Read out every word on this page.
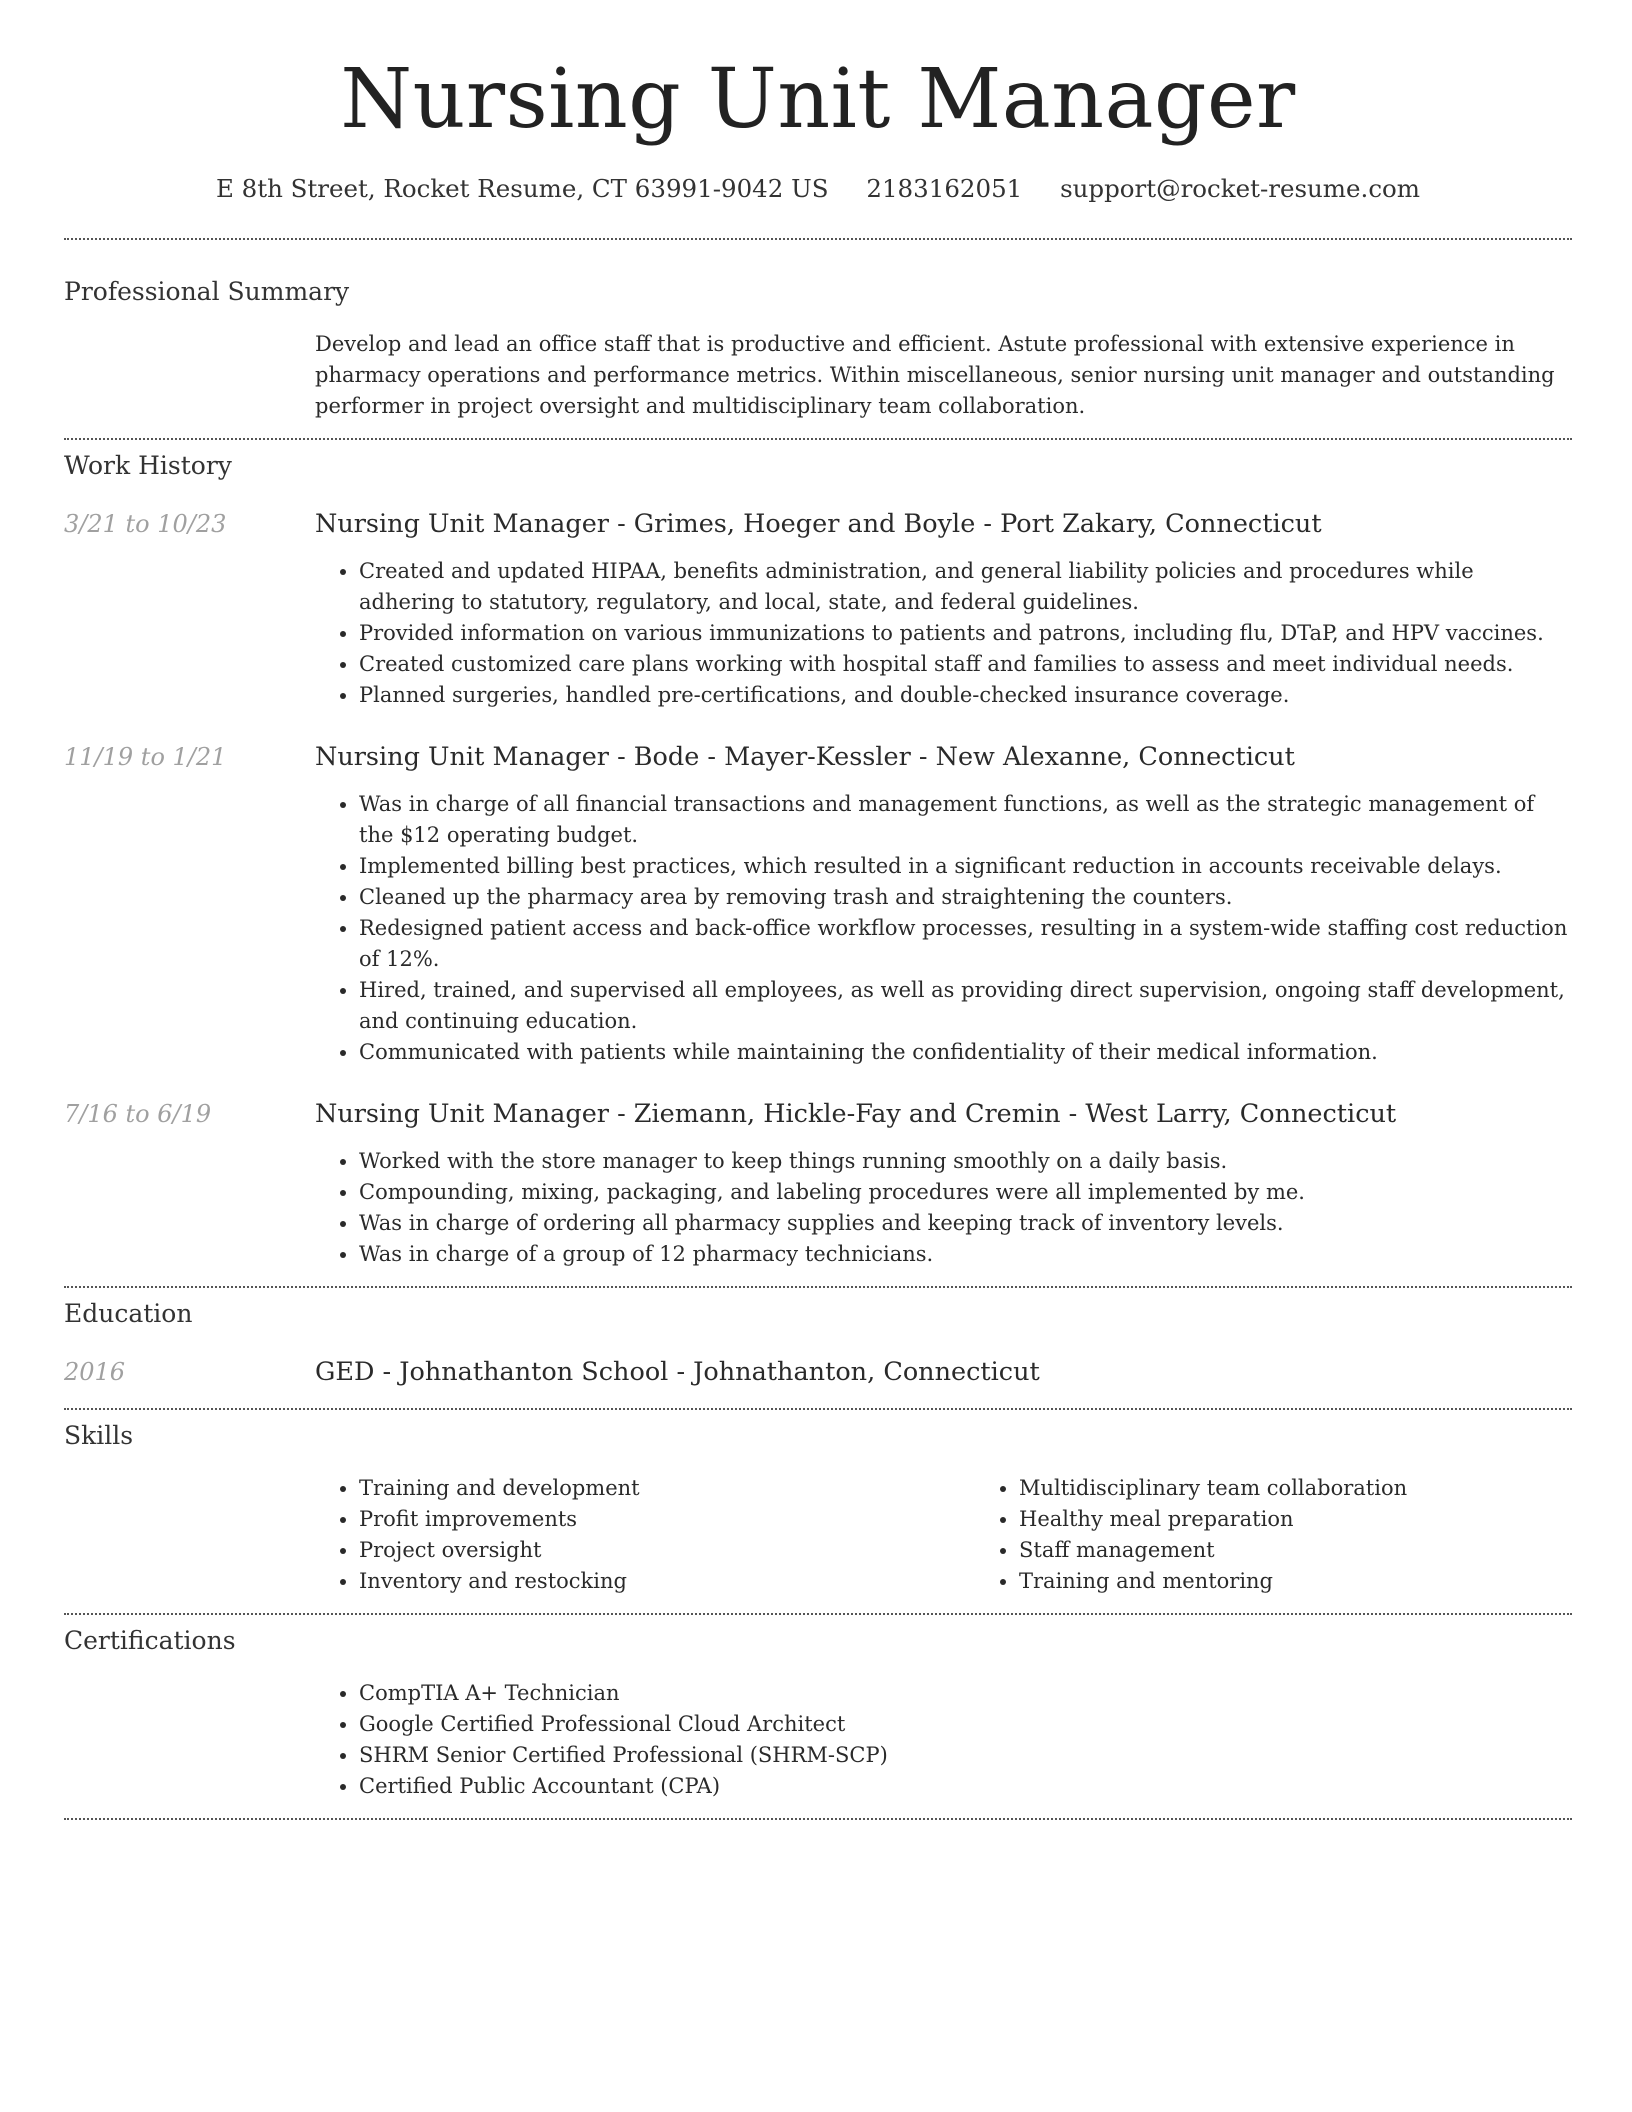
Nursing Unit Manager
E 8th Street, Rocket Resume, CT 63991-9042 US 2183162051 support@rocket-resume.com
Professional Summary
Develop and lead an office staff that is productive and efficient. Astute professional with extensive experience in pharmacy operations and performance metrics. Within miscellaneous, senior nursing unit manager and outstanding performer in project oversight and multidisciplinary team collaboration.
Work History
3/21 to 10/23	Nursing Unit Manager - Grimes, Hoeger and Boyle - Port Zakary, Connecticut
• Created and updated HIPAA, benefits administration, and general liability policies and procedures while adhering to statutory, regulatory, and local, state, and federal guidelines.
• Provided information on various immunizations to patients and patrons, including flu, DTaP, and HPV vaccines.
• Created customized care plans working with hospital staff and families to assess and meet individual needs.
• Planned surgeries, handled pre-certifications, and double-checked insurance coverage.
11/19 to 1/21	Nursing Unit Manager - Bode - Mayer-Kessler - New Alexanne, Connecticut
• Was in charge of all financial transactions and management functions, as well as the strategic management of the $12 operating budget.
• Implemented billing best practices, which resulted in a significant reduction in accounts receivable delays.
• Cleaned up the pharmacy area by removing trash and straightening the counters.
• Redesigned patient access and back-office workflow processes, resulting in a system-wide staffing cost reduction of 12%.
• Hired, trained, and supervised all employees, as well as providing direct supervision, ongoing staff development, and continuing education.
• Communicated with patients while maintaining the confidentiality of their medical information.
7/16 to 6/19	Nursing Unit Manager - Ziemann, Hickle-Fay and Cremin - West Larry, Connecticut
• Worked with the store manager to keep things running smoothly on a daily basis.
• Compounding, mixing, packaging, and labeling procedures were all implemented by me.
• Was in charge of ordering all pharmacy supplies and keeping track of inventory levels.
• Was in charge of a group of 12 pharmacy technicians.
Education
2016	GED - Johnathanton School - Johnathanton, Connecticut
Skills
• Training and development
• Profit improvements
• Project oversight
• Inventory and restocking
• Multidisciplinary team collaboration
• Healthy meal preparation
• Staff management
• Training and mentoring
Certifications
• CompTIA A+ Technician
• Google Certified Professional Cloud Architect
• SHRM Senior Certified Professional (SHRM-SCP)
• Certified Public Accountant (CPA)
